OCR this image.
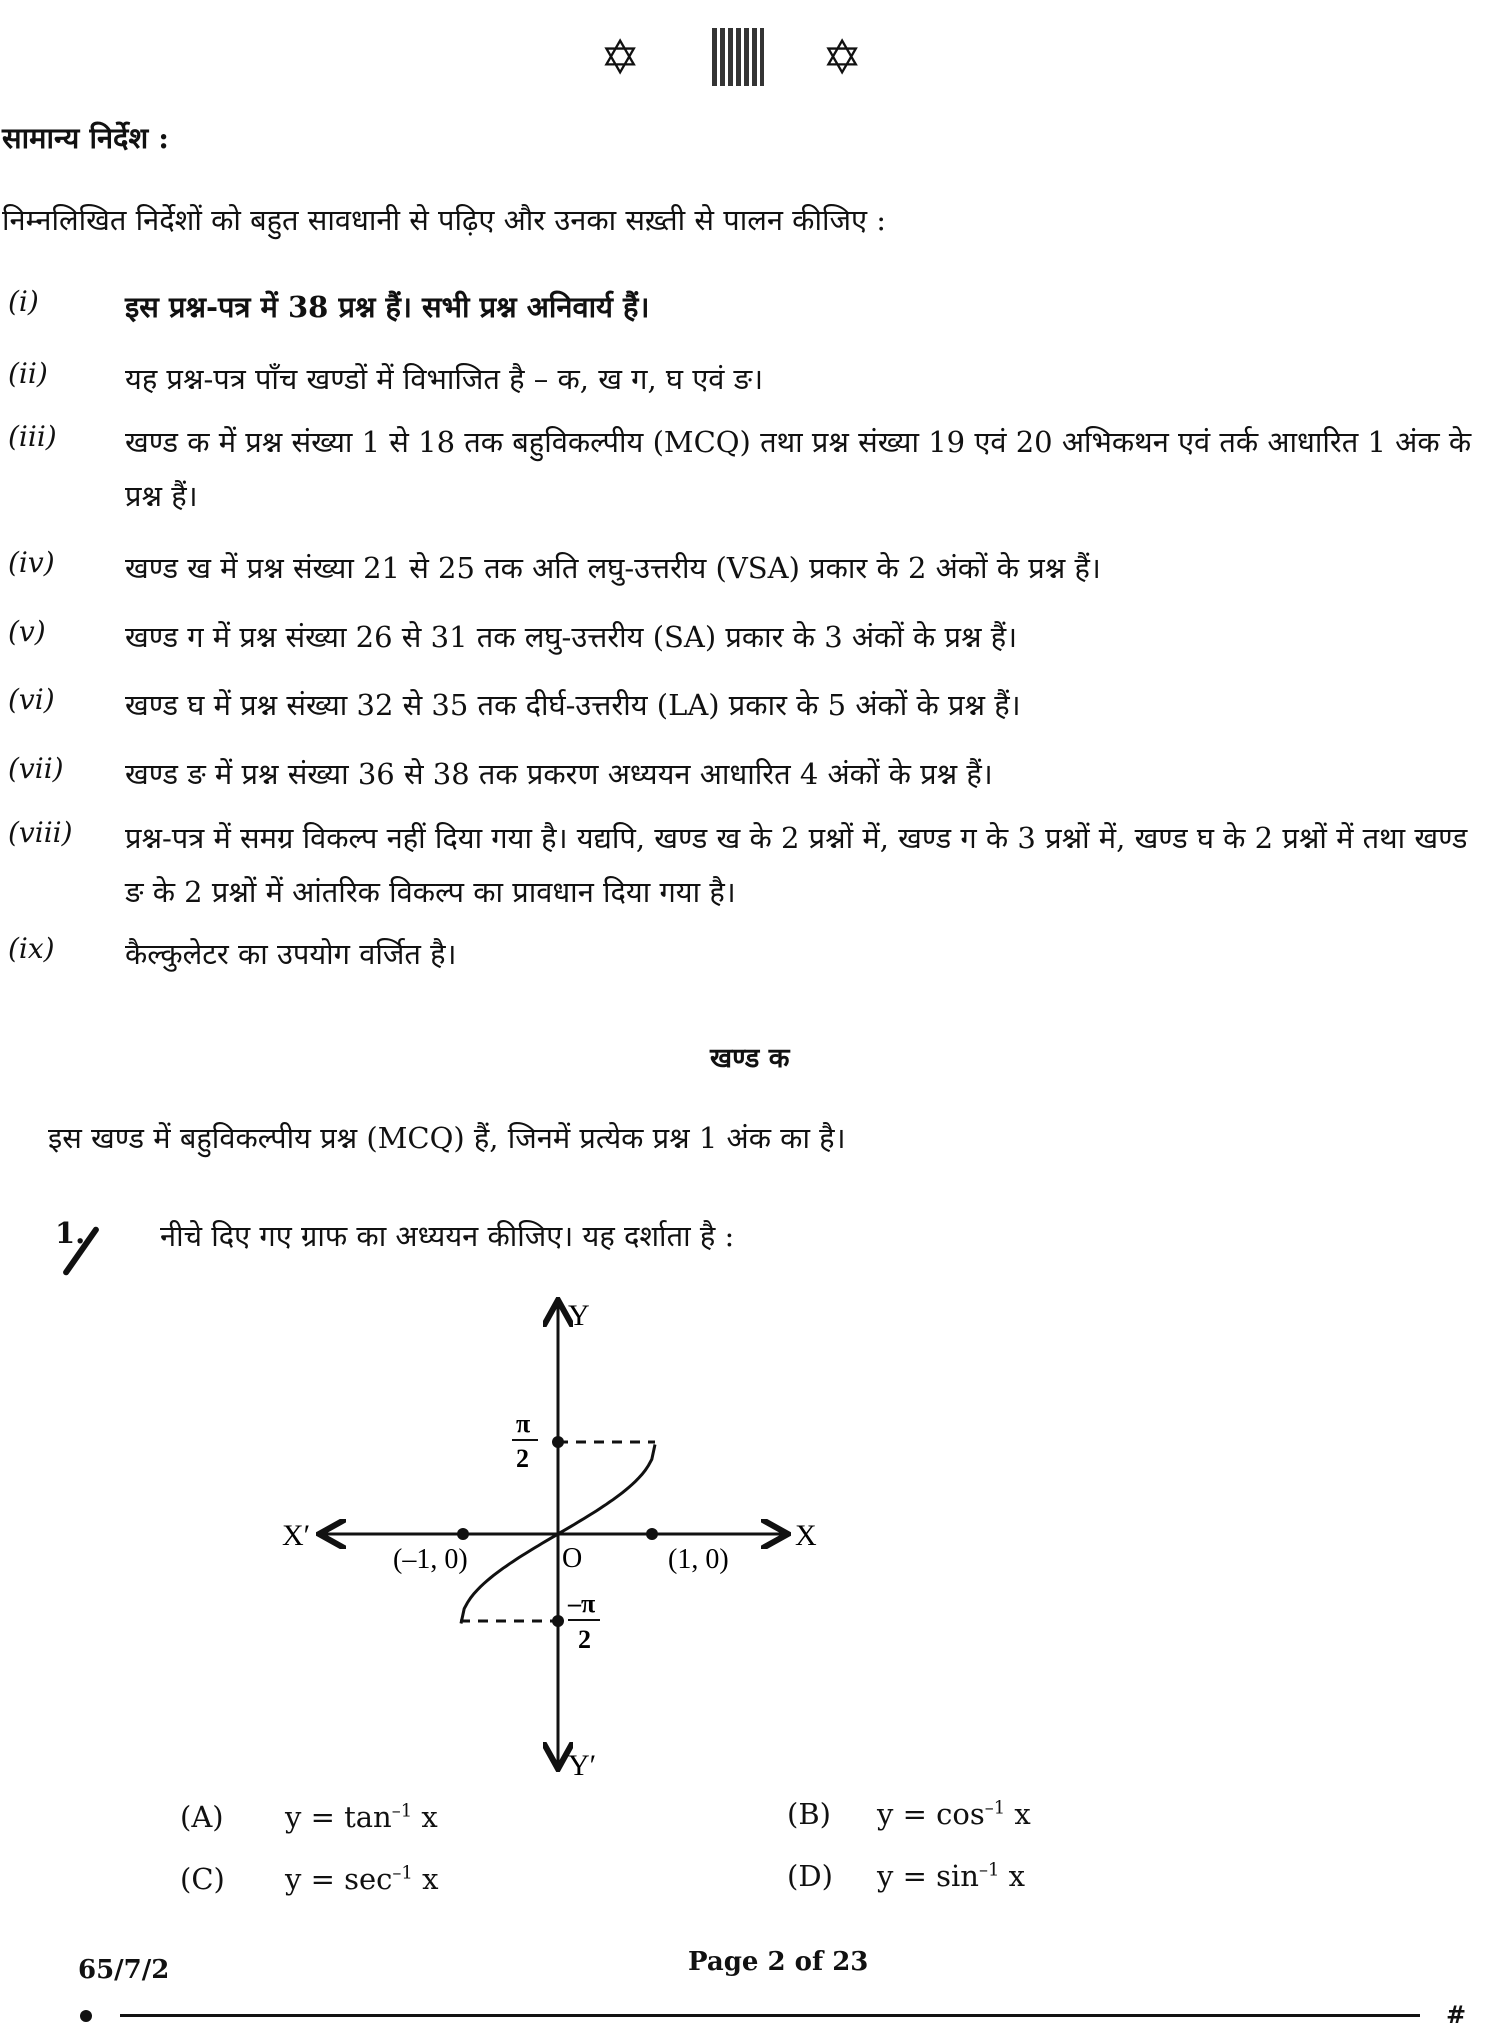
✡	✡
सामान्य निर्देश :
निम्नलिखित निर्देशों को बहुत सावधानी से पढ़िए और उनका सख़्ती से पालन कीजिए :
(i)	इस प्रश्न-पत्र में 38 प्रश्न हैं। सभी प्रश्न अनिवार्य हैं।
(ii)	यह प्रश्न-पत्र पाँच खण्डों में विभाजित है – क, ख ग, घ एवं ङ।
(iii) खण्ड क में प्रश्न संख्या 1 से 18 तक बहुविकल्पीय (MCQ) तथा प्रश्न संख्या 19 एवं 20 अभिकथन एवं तर्क आधारित 1 अंक के प्रश्न हैं।
(iv) खण्ड ख में प्रश्न संख्या 21 से 25 तक अति लघु-उत्तरीय (VSA) प्रकार के 2 अंकों के प्रश्न हैं।
(v)	खण्ड ग में प्रश्न संख्या 26 से 31 तक लघु-उत्तरीय (SA) प्रकार के 3 अंकों के प्रश्न हैं।
(vi) खण्ड घ में प्रश्न संख्या 32 से 35 तक दीर्घ-उत्तरीय (LA) प्रकार के 5 अंकों के प्रश्न हैं।
(vii) खण्ड ङ में प्रश्न संख्या 36 से 38 तक प्रकरण अध्ययन आधारित 4 अंकों के प्रश्न हैं।
(viii) प्रश्न-पत्र में समग्र विकल्प नहीं दिया गया है। यद्यपि, खण्ड ख के 2 प्रश्नों में, खण्ड ग के 3 प्रश्नों में, खण्ड घ के 2 प्रश्नों में तथा खण्ड ङ के 2 प्रश्नों में आंतरिक विकल्प का प्रावधान दिया गया है।
(ix) कैल्कुलेटर का उपयोग वर्जित है।
खण्ड क
इस खण्ड में बहुविकल्पीय प्रश्न (MCQ) हैं, जिनमें प्रत्येक प्रश्न 1 अंक का है।
1.	नीचे दिए गए ग्राफ का अध्ययन कीजिए। यह दर्शाता है :
Y
Y′
X
X′
O
(–1, 0)	(1, 0)
π
2
–π
2
(A) $y = \tan^{-1} x$	(B) $y = \cos^{-1} x$
(C) $y = \sec^{-1} x$	(D) $y = \sin^{-1} x$
65/7/2	Page 2 of 23
#
